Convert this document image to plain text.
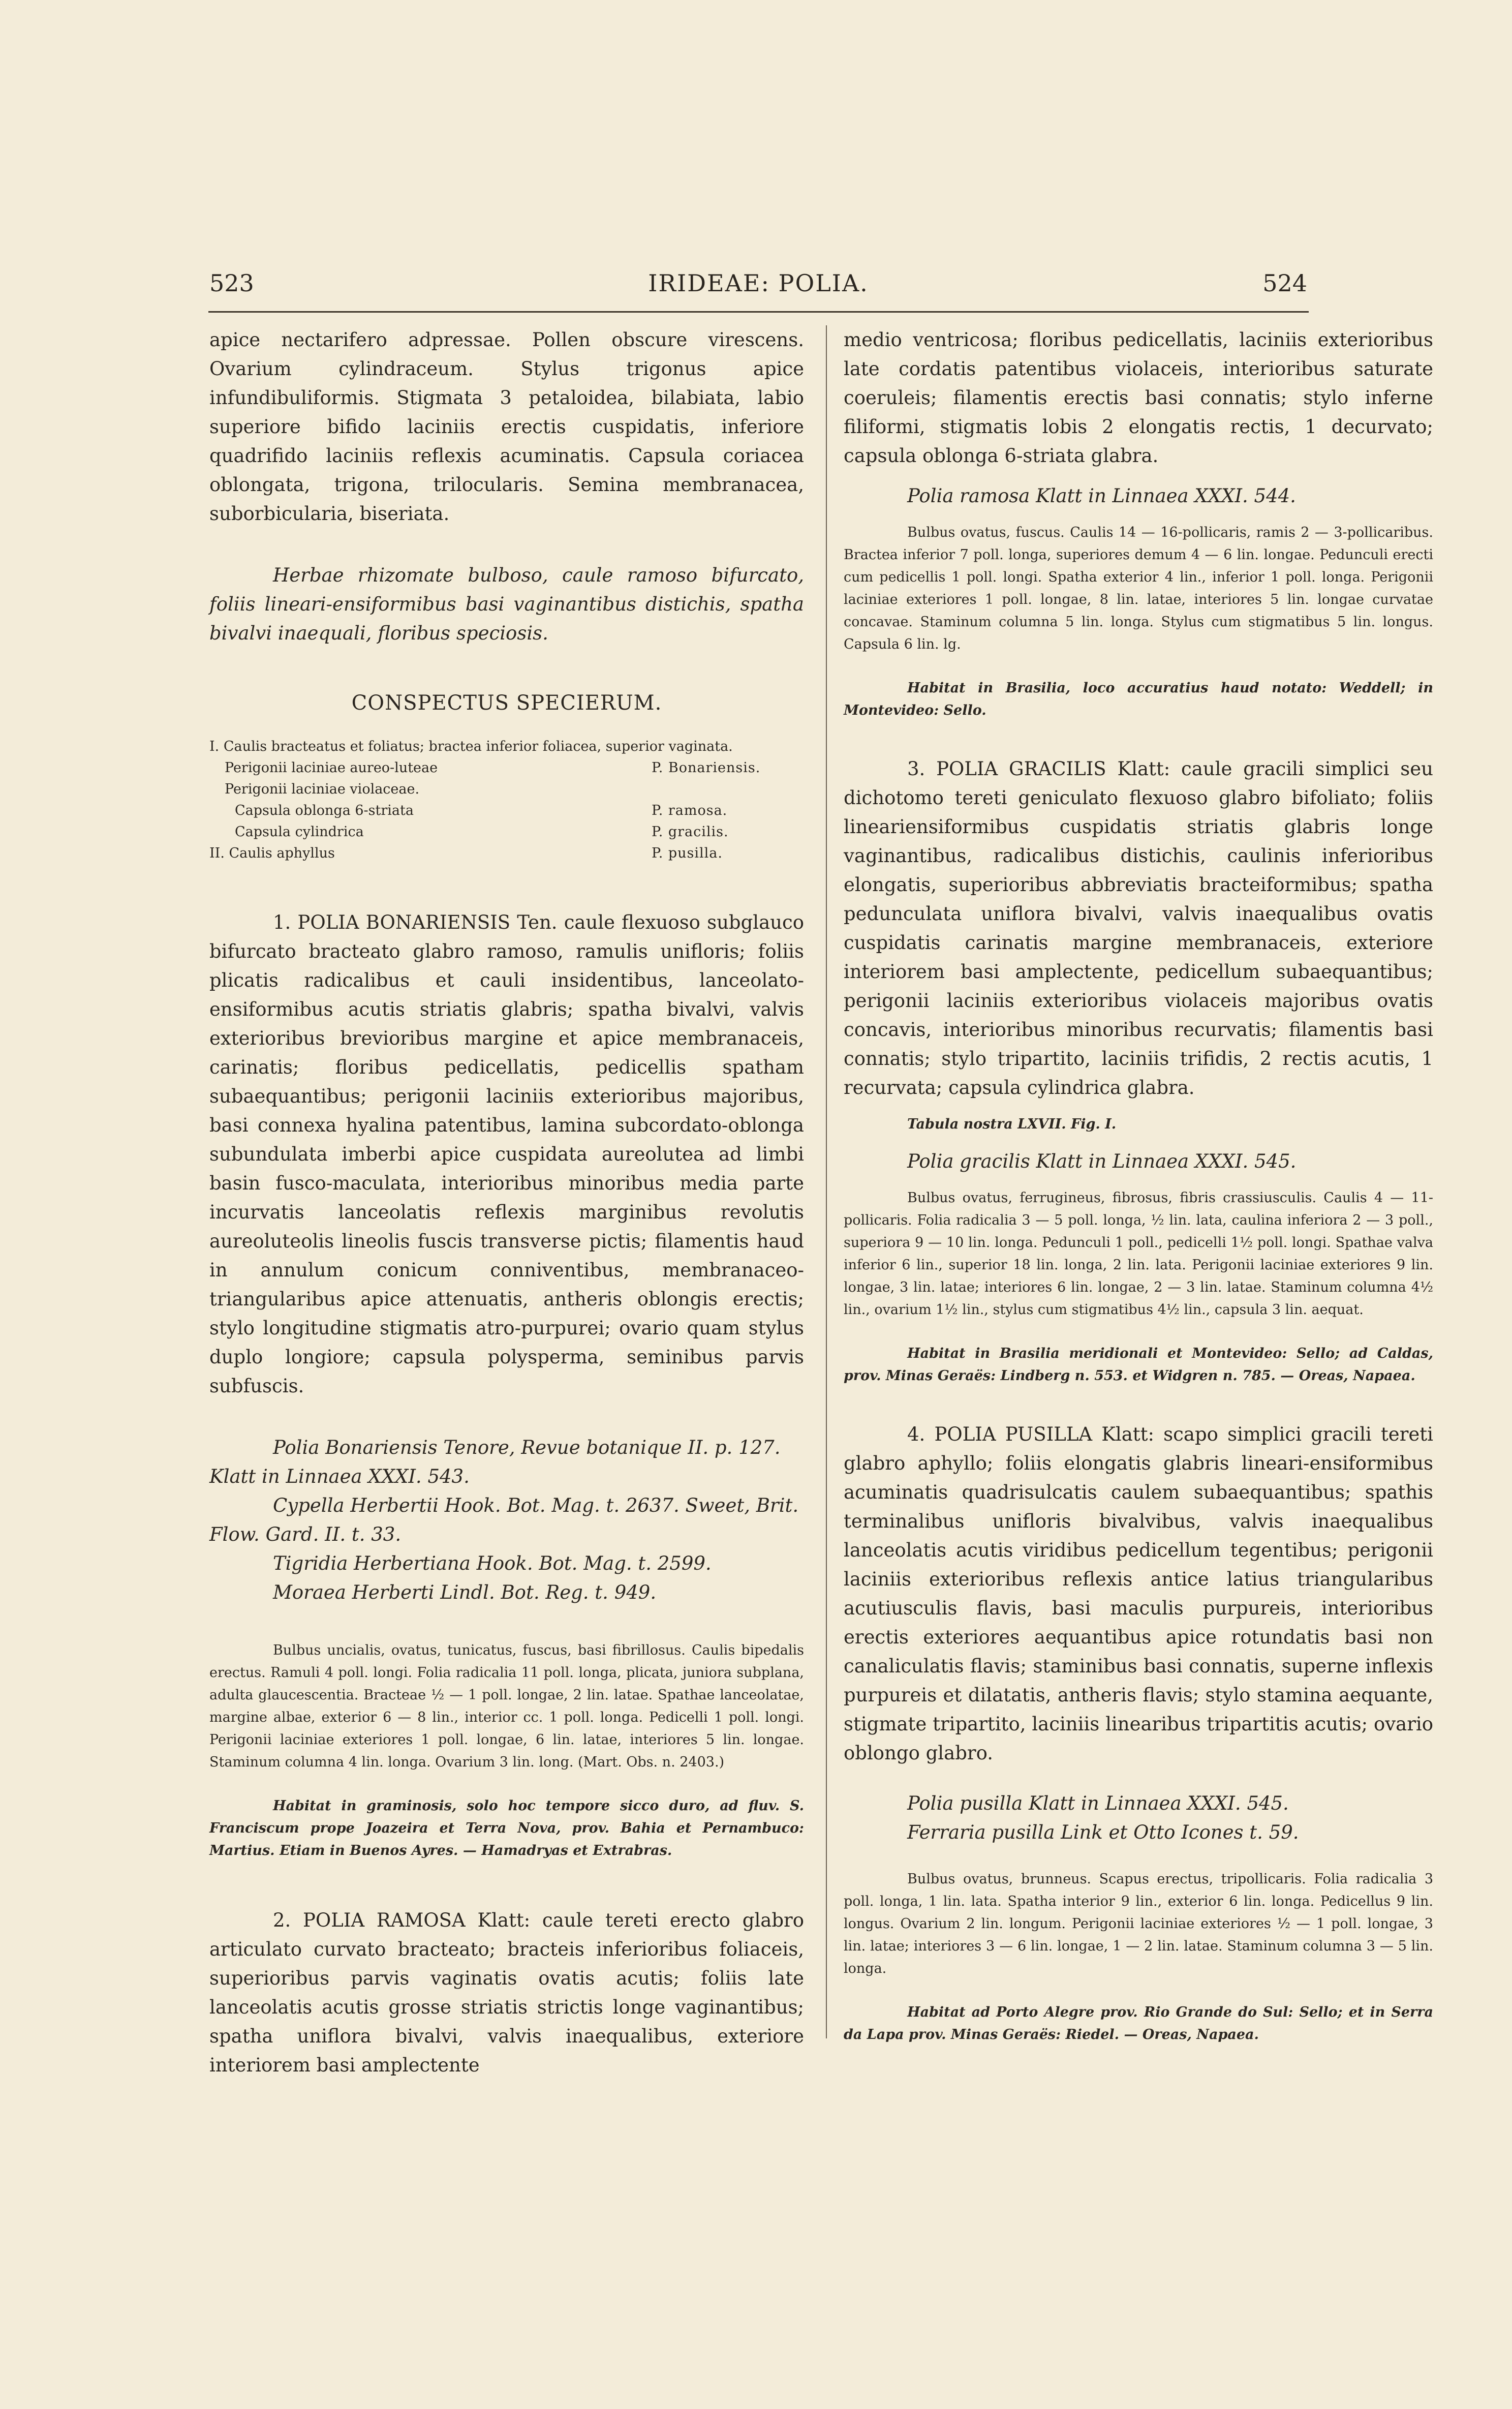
523	IRIDEAE: POLIA.	524

apice nectarifero adpressae. Pollen obscure virescens. Ovarium cylindraceum. Stylus trigonus apice infundibuliformis. Stigmata 3 petaloidea, bilabiata, labio superiore bifido laciniis erectis cuspidatis, inferiore quadrifido laciniis reflexis acuminatis. Capsula coriacea oblongata, trigona, trilocularis. Semina membranacea, suborbicularia, biseriata.

Herbae rhizomate bulboso, caule ramoso bifurcato, foliis lineari-ensiformibus basi vaginantibus distichis, spatha bivalvi inaequali, floribus speciosis.

CONSPECTUS SPECIERUM.

I. Caulis bracteatus et foliatus; bractea inferior foliacea, superior vaginata.
Perigonii laciniae aureo-luteae	P. Bonariensis.
Perigonii laciniae violaceae.
Capsula oblonga 6-striata	P. ramosa.
Capsula cylindrica	P. gracilis.
II. Caulis aphyllus	P. pusilla.

1. POLIA BONARIENSIS Ten. caule flexuoso subglauco bifurcato bracteato glabro ramoso, ramulis unifloris; foliis plicatis radicalibus et cauli insidentibus, lanceolato-ensiformibus acutis striatis glabris; spatha bivalvi, valvis exterioribus brevioribus margine et apice membranaceis, carinatis; floribus pedicellatis, pedicellis spatham subaequantibus; perigonii laciniis exterioribus majoribus, basi connexa hyalina patentibus, lamina subcordato-oblonga subundulata imberbi apice cuspidata aureolutea ad limbi basin fusco-maculata, interioribus minoribus media parte incurvatis lanceolatis reflexis marginibus revolutis aureoluteolis lineolis fuscis transverse pictis; filamentis haud in annulum conicum conniventibus, membranaceo-triangularibus apice attenuatis, antheris oblongis erectis; stylo longitudine stigmatis atro-purpurei; ovario quam stylus duplo longiore; capsula polysperma, seminibus parvis subfuscis.

Polia Bonariensis Tenore, Revue botanique II. p. 127. Klatt in Linnaea XXXI. 543.

Cypella Herbertii Hook. Bot. Mag. t. 2637. Sweet, Brit. Flow. Gard. II. t. 33.

Tigridia Herbertiana Hook. Bot. Mag. t. 2599.

Moraea Herberti Lindl. Bot. Reg. t. 949.

Bulbus uncialis, ovatus, tunicatus, fuscus, basi fibrillosus. Caulis bipedalis erectus. Ramuli 4 poll. longi. Folia radicalia 11 poll. longa, plicata, juniora subplana, adulta glaucescentia. Bracteae ½ — 1 poll. longae, 2 lin. latae. Spathae lanceolatae, margine albae, exterior 6 — 8 lin., interior cc. 1 poll. longa. Pedicelli 1 poll. longi. Perigonii laciniae exteriores 1 poll. longae, 6 lin. latae, interiores 5 lin. longae. Staminum columna 4 lin. longa. Ovarium 3 lin. long. (Mart. Obs. n. 2403.)

Habitat in graminosis, solo hoc tempore sicco duro, ad fluv. S. Franciscum prope Joazeira et Terra Nova, prov. Bahia et Pernambuco: Martius. Etiam in Buenos Ayres. — Hamadryas et Extrabras.

2. POLIA RAMOSA Klatt: caule tereti erecto glabro articulato curvato bracteato; bracteis inferioribus foliaceis, superioribus parvis vaginatis ovatis acutis; foliis late lanceolatis acutis grosse striatis strictis longe vaginantibus; spatha uniflora bivalvi, valvis inaequalibus, exteriore interiorem basi amplectente

medio ventricosa; floribus pedicellatis, laciniis exterioribus late cordatis patentibus violaceis, interioribus saturate coeruleis; filamentis erectis basi connatis; stylo inferne filiformi, stigmatis lobis 2 elongatis rectis, 1 decurvato; capsula oblonga 6-striata glabra.

Polia ramosa Klatt in Linnaea XXXI. 544.

Bulbus ovatus, fuscus. Caulis 14 — 16-pollicaris, ramis 2 — 3-pollicaribus. Bractea inferior 7 poll. longa, superiores demum 4 — 6 lin. longae. Pedunculi erecti cum pedicellis 1 poll. longi. Spatha exterior 4 lin., inferior 1 poll. longa. Perigonii laciniae exteriores 1 poll. longae, 8 lin. latae, interiores 5 lin. longae curvatae concavae. Staminum columna 5 lin. longa. Stylus cum stigmatibus 5 lin. longus. Capsula 6 lin. lg.

Habitat in Brasilia, loco accuratius haud notato: Weddell; in Montevideo: Sello.

3. POLIA GRACILIS Klatt: caule gracili simplici seu dichotomo tereti geniculato flexuoso glabro bifoliato; foliis lineariensiformibus cuspidatis striatis glabris longe vaginantibus, radicalibus distichis, caulinis inferioribus elongatis, superioribus abbreviatis bracteiformibus; spatha pedunculata uniflora bivalvi, valvis inaequalibus ovatis cuspidatis carinatis margine membranaceis, exteriore interiorem basi amplectente, pedicellum subaequantibus; perigonii laciniis exterioribus violaceis majoribus ovatis concavis, interioribus minoribus recurvatis; filamentis basi connatis; stylo tripartito, laciniis trifidis, 2 rectis acutis, 1 recurvata; capsula cylindrica glabra.

Tabula nostra LXVII. Fig. I.

Polia gracilis Klatt in Linnaea XXXI. 545.

Bulbus ovatus, ferrugineus, fibrosus, fibris crassiusculis. Caulis 4 — 11-pollicaris. Folia radicalia 3 — 5 poll. longa, ½ lin. lata, caulina inferiora 2 — 3 poll., superiora 9 — 10 lin. longa. Pedunculi 1 poll., pedicelli 1½ poll. longi. Spathae valva inferior 6 lin., superior 18 lin. longa, 2 lin. lata. Perigonii laciniae exteriores 9 lin. longae, 3 lin. latae; interiores 6 lin. longae, 2 — 3 lin. latae. Staminum columna 4½ lin., ovarium 1½ lin., stylus cum stigmatibus 4½ lin., capsula 3 lin. aequat.

Habitat in Brasilia meridionali et Montevideo: Sello; ad Caldas, prov. Minas Geraës: Lindberg n. 553. et Widgren n. 785. — Oreas, Napaea.

4. POLIA PUSILLA Klatt: scapo simplici gracili tereti glabro aphyllo; foliis elongatis glabris lineari-ensiformibus acuminatis quadrisulcatis caulem subaequantibus; spathis terminalibus unifloris bivalvibus, valvis inaequalibus lanceolatis acutis viridibus pedicellum tegentibus; perigonii laciniis exterioribus reflexis antice latius triangularibus acutiusculis flavis, basi maculis purpureis, interioribus erectis exteriores aequantibus apice rotundatis basi non canaliculatis flavis; staminibus basi connatis, superne inflexis purpureis et dilatatis, antheris flavis; stylo stamina aequante, stigmate tripartito, laciniis linearibus tripartitis acutis; ovario oblongo glabro.

Polia pusilla Klatt in Linnaea XXXI. 545.

Ferraria pusilla Link et Otto Icones t. 59.

Bulbus ovatus, brunneus. Scapus erectus, tripollicaris. Folia radicalia 3 poll. longa, 1 lin. lata. Spatha interior 9 lin., exterior 6 lin. longa. Pedicellus 9 lin. longus. Ovarium 2 lin. longum. Perigonii laciniae exteriores ½ — 1 poll. longae, 3 lin. latae; interiores 3 — 6 lin. longae, 1 — 2 lin. latae. Staminum columna 3 — 5 lin. longa.

Habitat ad Porto Alegre prov. Rio Grande do Sul: Sello; et in Serra da Lapa prov. Minas Geraës: Riedel. — Oreas, Napaea.
